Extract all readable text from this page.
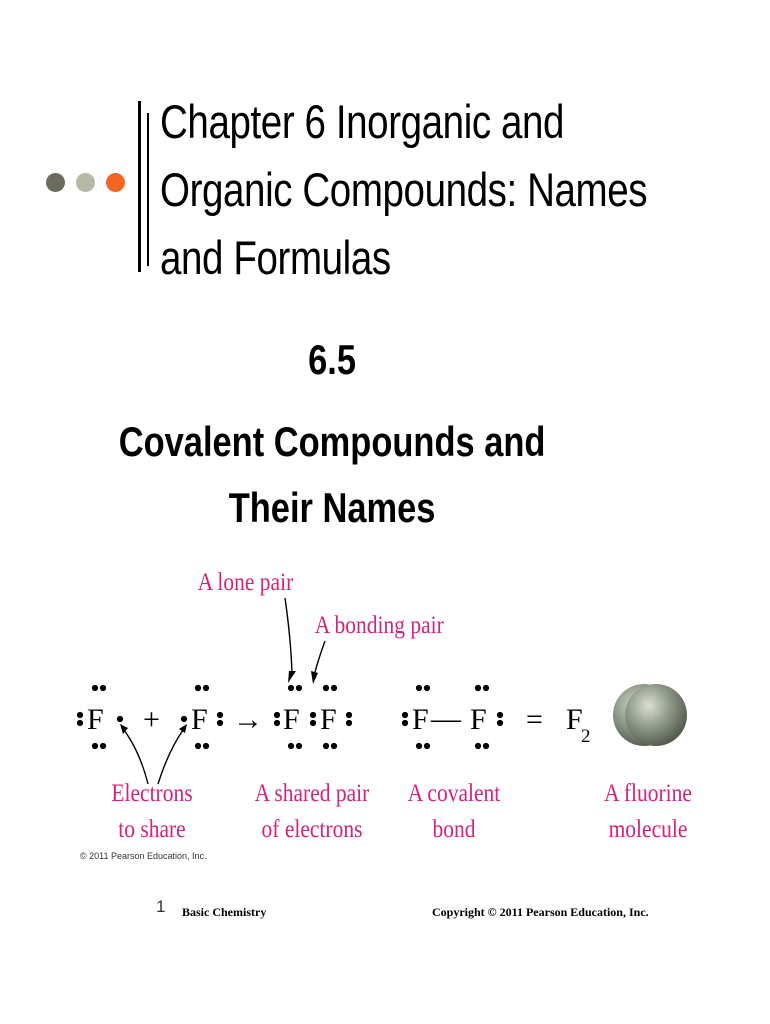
Chapter 6 Inorganic and
Organic Compounds: Names
and Formulas
6.5
Covalent Compounds and
Their Names
A lone pair
A bonding pair
F + F → F F	F — F = F
2
Electrons
to share
A shared pair
of electrons
A covalent
bond
A fluorine
molecule
© 2011 Pearson Education, Inc.
1 Basic Chemistry	Copyright © 2011 Pearson Education, Inc.
